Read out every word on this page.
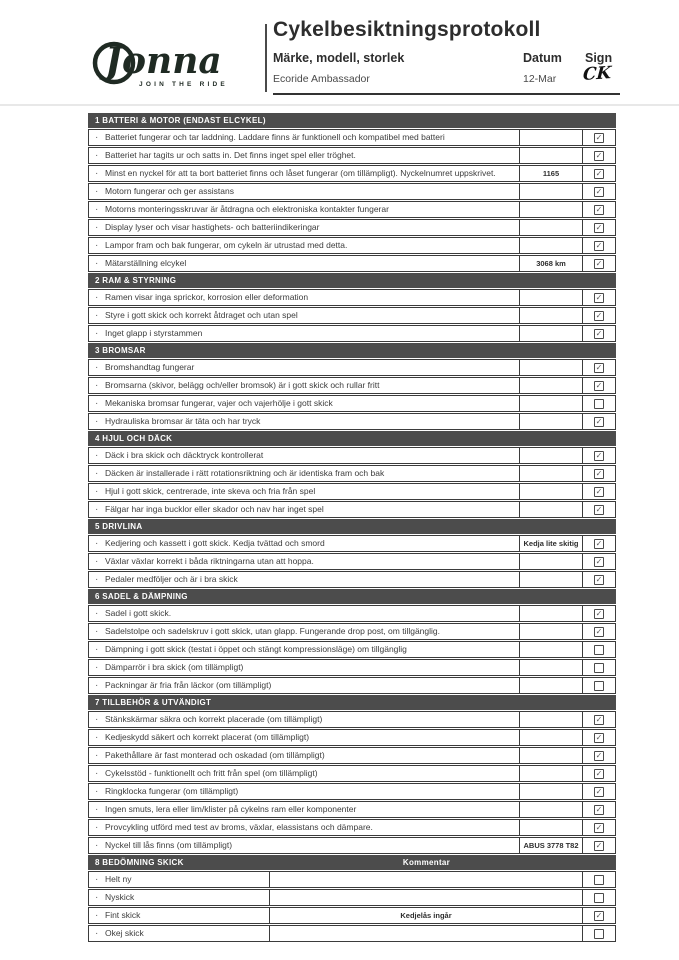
Jonna
JOIN THE RIDE
Cykelbesiktningsprotokoll
Märke, modell, storlek	Datum Sign
Ecoride Ambassador	12-Mar CK
1 BATTERI & MOTOR (ENDAST ELCYKEL)
· Batteriet fungerar och tar laddning. Laddare finns är funktionell och kompatibel med batteri	✓
· Batteriet har tagits ur och satts in. Det finns inget spel eller tröghet.	✓
· Minst en nyckel för att ta bort batteriet finns och låset fungerar (om tillämpligt). Nyckelnumret uppskrivet.	1165	✓
· Motorn fungerar och ger assistans	✓
· Motorns monteringsskruvar är åtdragna och elektroniska kontakter fungerar	✓
· Display lyser och visar hastighets- och batteriindikeringar	✓
· Lampor fram och bak fungerar, om cykeln är utrustad med detta.	✓
· Mätarställning elcykel	3068 km	✓
2 RAM & STYRNING
· Ramen visar inga sprickor, korrosion eller deformation	✓
· Styre i gott skick och korrekt åtdraget och utan spel	✓
· Inget glapp i styrstammen	✓
3 BROMSAR
· Bromshandtag fungerar	✓
· Bromsarna (skivor, belägg och/eller bromsok) är i gott skick och rullar fritt	✓
· Mekaniska bromsar fungerar, vajer och vajerhölje i gott skick
· Hydrauliska bromsar är täta och har tryck	✓
4 HJUL OCH DÄCK
· Däck i bra skick och däcktryck kontrollerat	✓
· Däcken är installerade i rätt rotationsriktning och är identiska fram och bak	✓
· Hjul i gott skick, centrerade, inte skeva och fria från spel	✓
· Fälgar har inga bucklor eller skador och nav har inget spel	✓
5 DRIVLINA
· Kedjering och kassett i gott skick. Kedja tvättad och smord	Kedja lite skitig	✓
· Växlar växlar korrekt i båda riktningarna utan att hoppa.	✓
· Pedaler medföljer och är i bra skick	✓
6 SADEL & DÄMPNING
· Sadel i gott skick.	✓
· Sadelstolpe och sadelskruv i gott skick, utan glapp. Fungerande drop post, om tillgänglig.	✓
· Dämpning i gott skick (testat i öppet och stängt kompressionsläge) om tillgänglig
· Dämparrör i bra skick (om tillämpligt)
· Packningar är fria från läckor (om tillämpligt)
7 TILLBEHÖR & UTVÄNDIGT
· Stänkskärmar säkra och korrekt placerade (om tillämpligt)	✓
· Kedjeskydd säkert och korrekt placerat (om tillämpligt)	✓
· Pakethållare är fast monterad och oskadad (om tillämpligt)	✓
· Cykelsstöd - funktionellt och fritt från spel (om tillämpligt)	✓
· Ringklocka fungerar (om tillämpligt)	✓
· Ingen smuts, lera eller lim/klister på cykelns ram eller komponenter	✓
· Provcykling utförd med test av broms, växlar, elassistans och dämpare.	✓
· Nyckel till lås finns (om tillämpligt)	ABUS 3778 T82	✓
8 BEDÖMNING SKICK	Kommentar
· Helt ny
· Nyskick
· Fint skick	Kedjelås ingår	✓
· Okej skick
